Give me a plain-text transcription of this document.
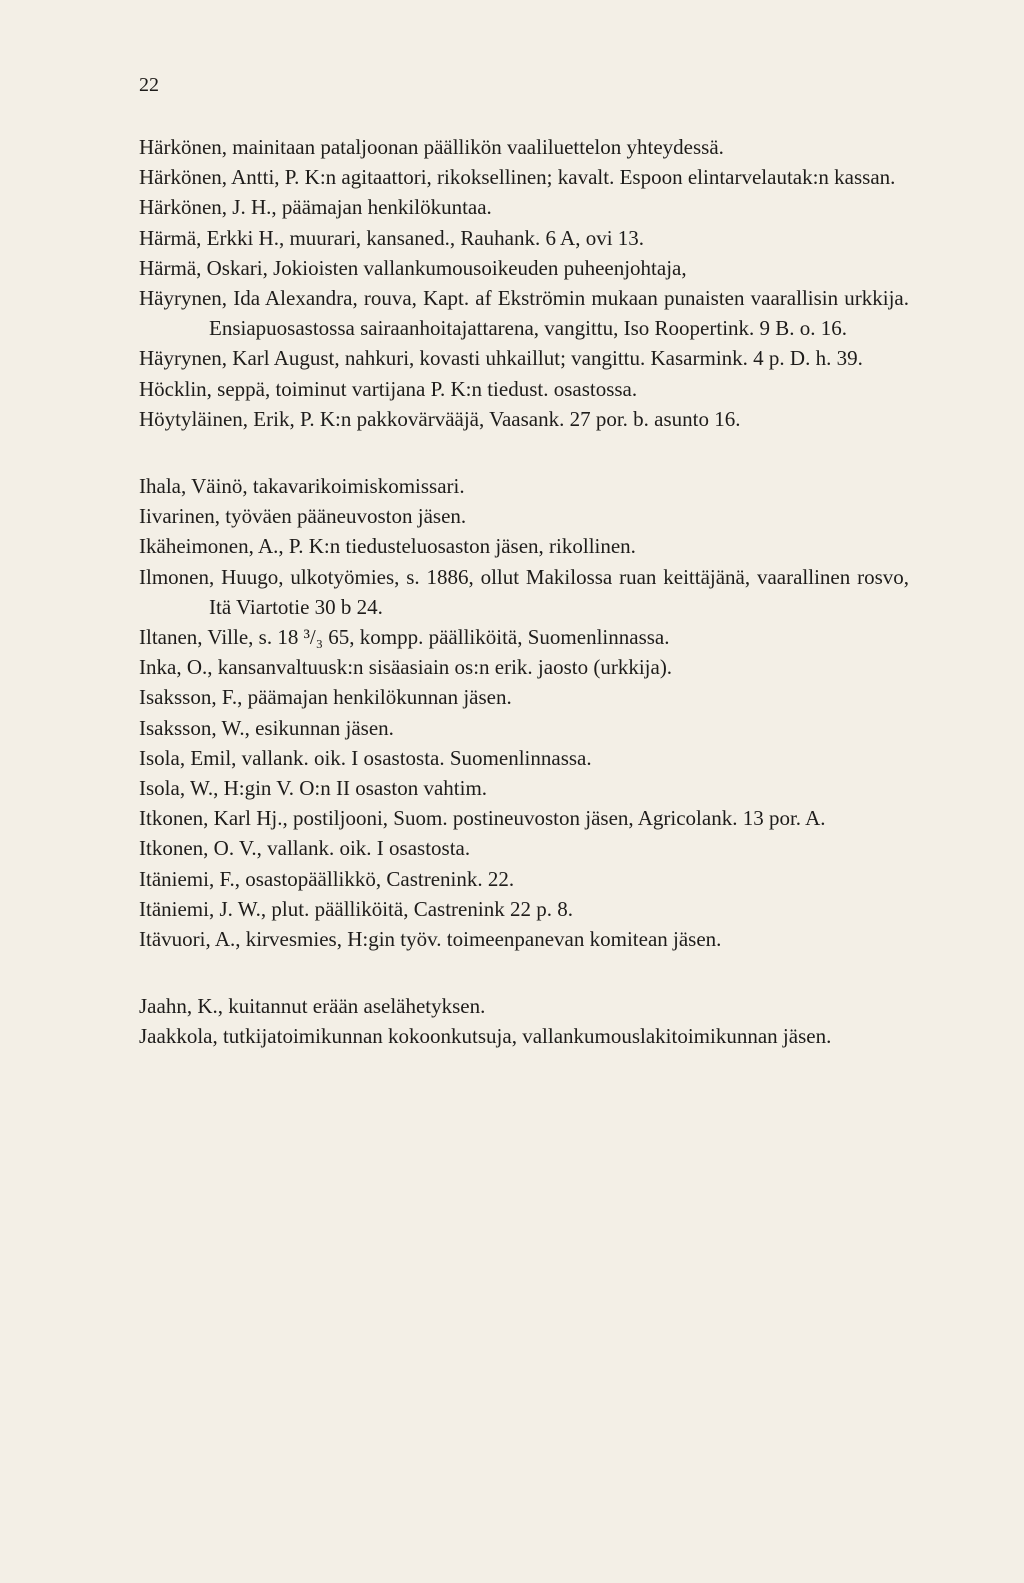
22

Härkönen, mainitaan pataljoonan päällikön vaaliluettelon yhteydessä.

Härkönen, Antti, P. K:n agitaattori, rikoksellinen; kavalt. Espoon elintarvelautak:n kassan.

Härkönen, J. H., päämajan henkilökuntaa.

Härmä, Erkki H., muurari, kansaned., Rauhank. 6 A, ovi 13.

Härmä, Oskari, Jokioisten vallankumousoikeuden puheenjohtaja,

Häyrynen, Ida Alexandra, rouva, Kapt. af Ekströmin mukaan punaisten vaarallisin urkkija. Ensiapuosastossa sairaanhoitajattarena, vangittu, Iso Roopertink. 9 B. o. 16.

Häyrynen, Karl August, nahkuri, kovasti uhkaillut; vangittu. Kasarmink. 4 p. D. h. 39.

Höcklin, seppä, toiminut vartijana P. K:n tiedust. osastossa.

Höytyläinen, Erik, P. K:n pakkovärvääjä, Vaasank. 27 por. b. asunto 16.

Ihala, Väinö, takavarikoimiskomissari.

Iivarinen, työväen pääneuvoston jäsen.

Ikäheimonen, A., P. K:n tiedusteluosaston jäsen, rikollinen.

Ilmonen, Huugo, ulkotyömies, s. 1886, ollut Makilossa ruan keittäjänä, vaarallinen rosvo, Itä Viartotie 30 b 24.

Iltanen, Ville, s. 18 ³/₃ 65, kompp. päälliköitä, Suomenlinnassa.

Inka, O., kansanvaltuusk:n sisäasiain os:n erik. jaosto (urkkija).

Isaksson, F., päämajan henkilökunnan jäsen.

Isaksson, W., esikunnan jäsen.

Isola, Emil, vallank. oik. I osastosta. Suomenlinnassa.

Isola, W., H:gin V. O:n II osaston vahtim.

Itkonen, Karl Hj., postiljooni, Suom. postineuvoston jäsen, Agricolank. 13 por. A.

Itkonen, O. V., vallank. oik. I osastosta.

Itäniemi, F., osastopäällikkö, Castrenink. 22.

Itäniemi, J. W., plut. päälliköitä, Castrenink 22 p. 8.

Itävuori, A., kirvesmies, H:gin työv. toimeenpanevan komitean jäsen.

Jaahn, K., kuitannut erään aselähetyksen.

Jaakkola, tutkijatoimikunnan kokoonkutsuja, vallankumouslakitoimikunnan jäsen.
